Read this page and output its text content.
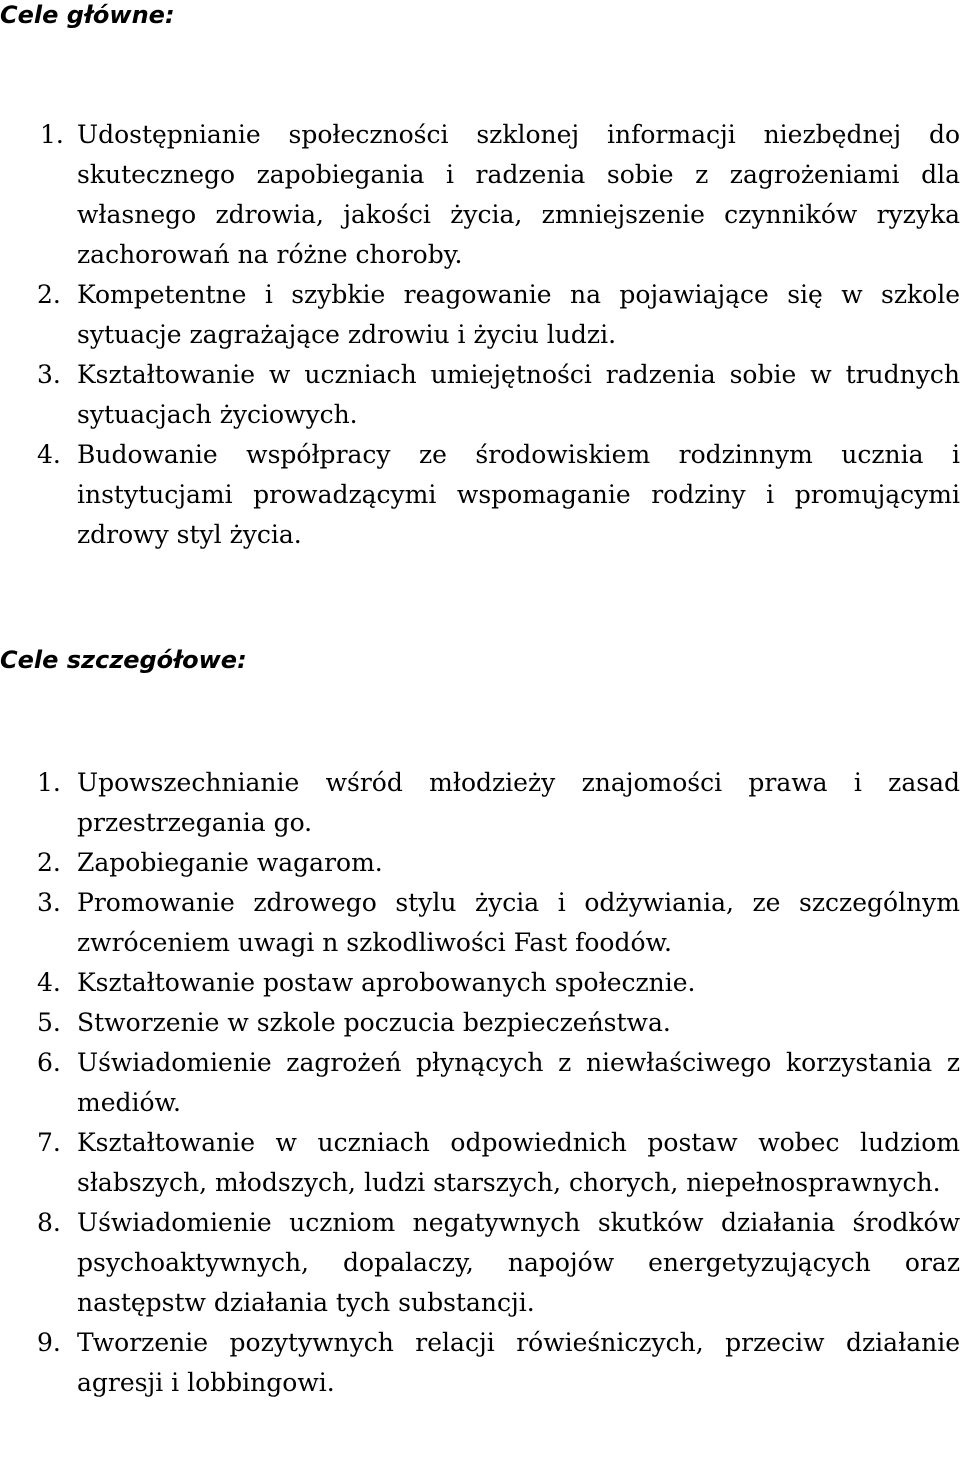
Cele główne:
1. Udostępnianie społeczności szklonej informacji niezbędnej do skutecznego zapobiegania i radzenia sobie z zagrożeniami dla własnego zdrowia, jakości życia, zmniejszenie czynników ryzyka zachorowań na różne choroby.
2. Kompetentne i szybkie reagowanie na pojawiające się w szkole sytuacje zagrażające zdrowiu i życiu ludzi.
3. Kształtowanie w uczniach umiejętności radzenia sobie w trudnych sytuacjach życiowych.
4. Budowanie współpracy ze środowiskiem rodzinnym ucznia i instytucjami prowadzącymi wspomaganie rodziny i promującymi zdrowy styl życia.
Cele szczegółowe:
1. Upowszechnianie wśród młodzieży znajomości prawa i zasad przestrzegania go.
2. Zapobieganie wagarom.
3. Promowanie zdrowego stylu życia i odżywiania, ze szczególnym zwróceniem uwagi n szkodliwości Fast foodów.
4. Kształtowanie postaw aprobowanych społecznie.
5. Stworzenie w szkole poczucia bezpieczeństwa.
6. Uświadomienie zagrożeń płynących z niewłaściwego korzystania z mediów.
7. Kształtowanie w uczniach odpowiednich postaw wobec ludziom słabszych, młodszych, ludzi starszych, chorych, niepełnosprawnych.
8. Uświadomienie uczniom negatywnych skutków działania środków psychoaktywnych, dopalaczy, napojów energetyzujących oraz następstw działania tych substancji.
9. Tworzenie pozytywnych relacji rówieśniczych, przeciw działanie agresji i lobbingowi.
